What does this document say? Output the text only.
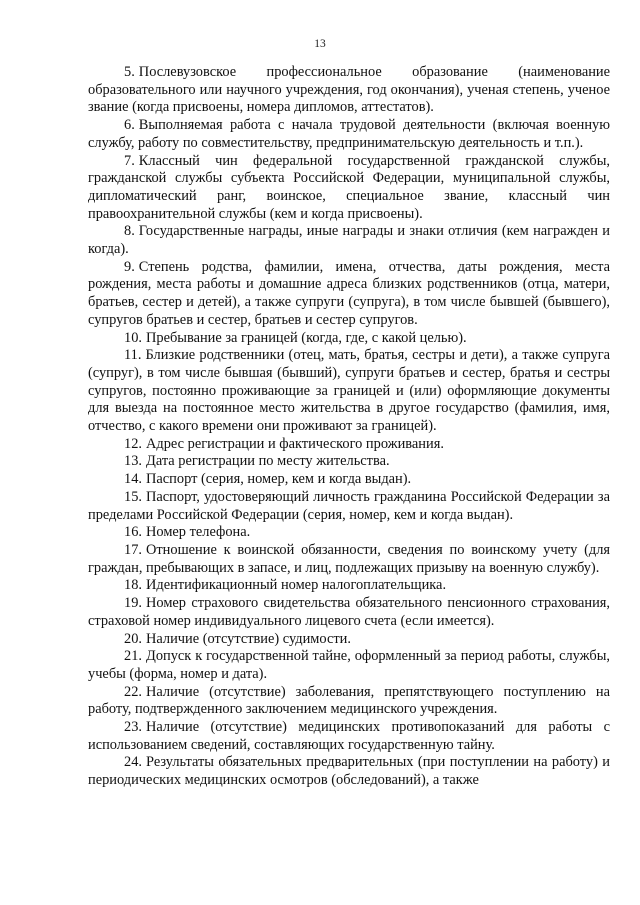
13

5. Послевузовское профессиональное образование (наименование образовательного или научного учреждения, год окончания), ученая степень, ученое звание (когда присвоены, номера дипломов, аттестатов).

6. Выполняемая работа с начала трудовой деятельности (включая военную службу, работу по совместительству, предпринимательскую деятельность и т.п.).

7. Классный чин федеральной государственной гражданской службы, гражданской службы субъекта Российской Федерации, муниципальной службы, дипломатический ранг, воинское, специальное звание, классный чин правоохранительной службы (кем и когда присвоены).

8. Государственные награды, иные награды и знаки отличия (кем награжден и когда).

9. Степень родства, фамилии, имена, отчества, даты рождения, места рождения, места работы и домашние адреса близких родственников (отца, матери, братьев, сестер и детей), а также супруги (супруга), в том числе бывшей (бывшего), супругов братьев и сестер, братьев и сестер супругов.

10. Пребывание за границей (когда, где, с какой целью).

11. Близкие родственники (отец, мать, братья, сестры и дети), а также супруга (супруг), в том числе бывшая (бывший), супруги братьев и сестер, братья и сестры супругов, постоянно проживающие за границей и (или) оформляющие документы для выезда на постоянное место жительства в другое государство (фамилия, имя, отчество, с какого времени они проживают за границей).

12. Адрес регистрации и фактического проживания.

13. Дата регистрации по месту жительства.

14. Паспорт (серия, номер, кем и когда выдан).

15. Паспорт, удостоверяющий личность гражданина Российской Федерации за пределами Российской Федерации (серия, номер, кем и когда выдан).

16. Номер телефона.

17. Отношение к воинской обязанности, сведения по воинскому учету (для граждан, пребывающих в запасе, и лиц, подлежащих призыву на военную службу).

18. Идентификационный номер налогоплательщика.

19. Номер страхового свидетельства обязательного пенсионного страхования, страховой номер индивидуального лицевого счета (если имеется).

20. Наличие (отсутствие) судимости.

21. Допуск к государственной тайне, оформленный за период работы, службы, учебы (форма, номер и дата).

22. Наличие (отсутствие) заболевания, препятствующего поступлению на работу, подтвержденного заключением медицинского учреждения.

23. Наличие (отсутствие) медицинских противопоказаний для работы с использованием сведений, составляющих государственную тайну.

24. Результаты обязательных предварительных (при поступлении на работу) и периодических медицинских осмотров (обследований), а также
